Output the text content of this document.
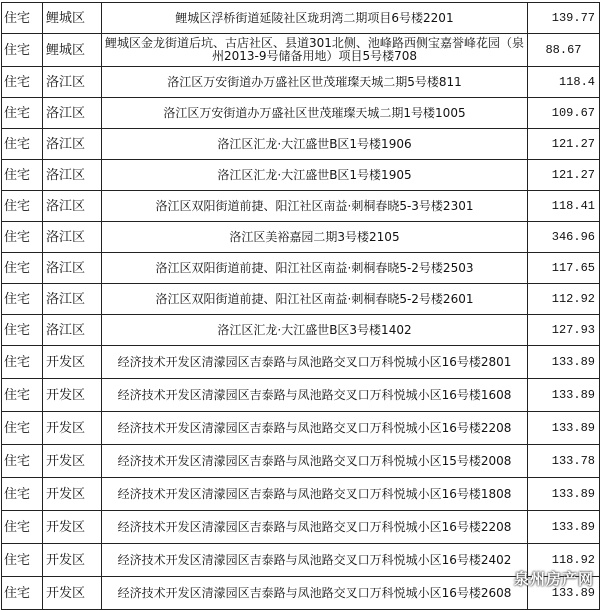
住宅	鲤城区	鲤城区浮桥街道延陵社区珑玥湾二期项目6号楼2201	139.77
住宅	鲤城区	鲤城区金龙街道后坑、古店社区、县道301北侧、池峰路西侧宝嘉誉峰花园（泉州2013-9号储备用地）项目5号楼708	88.67
住宅	洛江区	洛江区万安街道办万盛社区世茂璀璨天城二期5号楼811	118.4
住宅	洛江区	洛江区万安街道办万盛社区世茂璀璨天城二期1号楼1005	109.67
住宅	洛江区	洛江区汇龙·大江盛世B区1号楼1906	121.27
住宅	洛江区	洛江区汇龙·大江盛世B区1号楼1905	121.27
住宅	洛江区	洛江区双阳街道前捷、阳江社区南益·刺桐春晓5-3号楼2301	118.41
住宅	洛江区	洛江区美裕嘉园二期3号楼2105	346.96
住宅	洛江区	洛江区双阳街道前捷、阳江社区南益·刺桐春晓5-2号楼2503	117.65
住宅	洛江区	洛江区双阳街道前捷、阳江社区南益·刺桐春晓5-2号楼2601	112.92
住宅	洛江区	洛江区汇龙·大江盛世B区3号楼1402	127.93
住宅	开发区	经济技术开发区清濛园区吉泰路与凤池路交叉口万科悦城小区16号楼2801	133.89
住宅	开发区	经济技术开发区清濛园区吉泰路与凤池路交叉口万科悦城小区16号楼1608	133.89
住宅	开发区	经济技术开发区清濛园区吉泰路与凤池路交叉口万科悦城小区16号楼2208	133.89
住宅	开发区	经济技术开发区清濛园区吉泰路与凤池路交叉口万科悦城小区15号楼2008	133.78
住宅	开发区	经济技术开发区清濛园区吉泰路与凤池路交叉口万科悦城小区16号楼1808	133.89
住宅	开发区	经济技术开发区清濛园区吉泰路与凤池路交叉口万科悦城小区16号楼2208	133.89
住宅	开发区	经济技术开发区清濛园区吉泰路与凤池路交叉口万科悦城小区16号楼2402	118.92
住宅	开发区	经济技术开发区清濛园区吉泰路与凤池路交叉口万科悦城小区16号楼2608	133.89
泉州房产网
